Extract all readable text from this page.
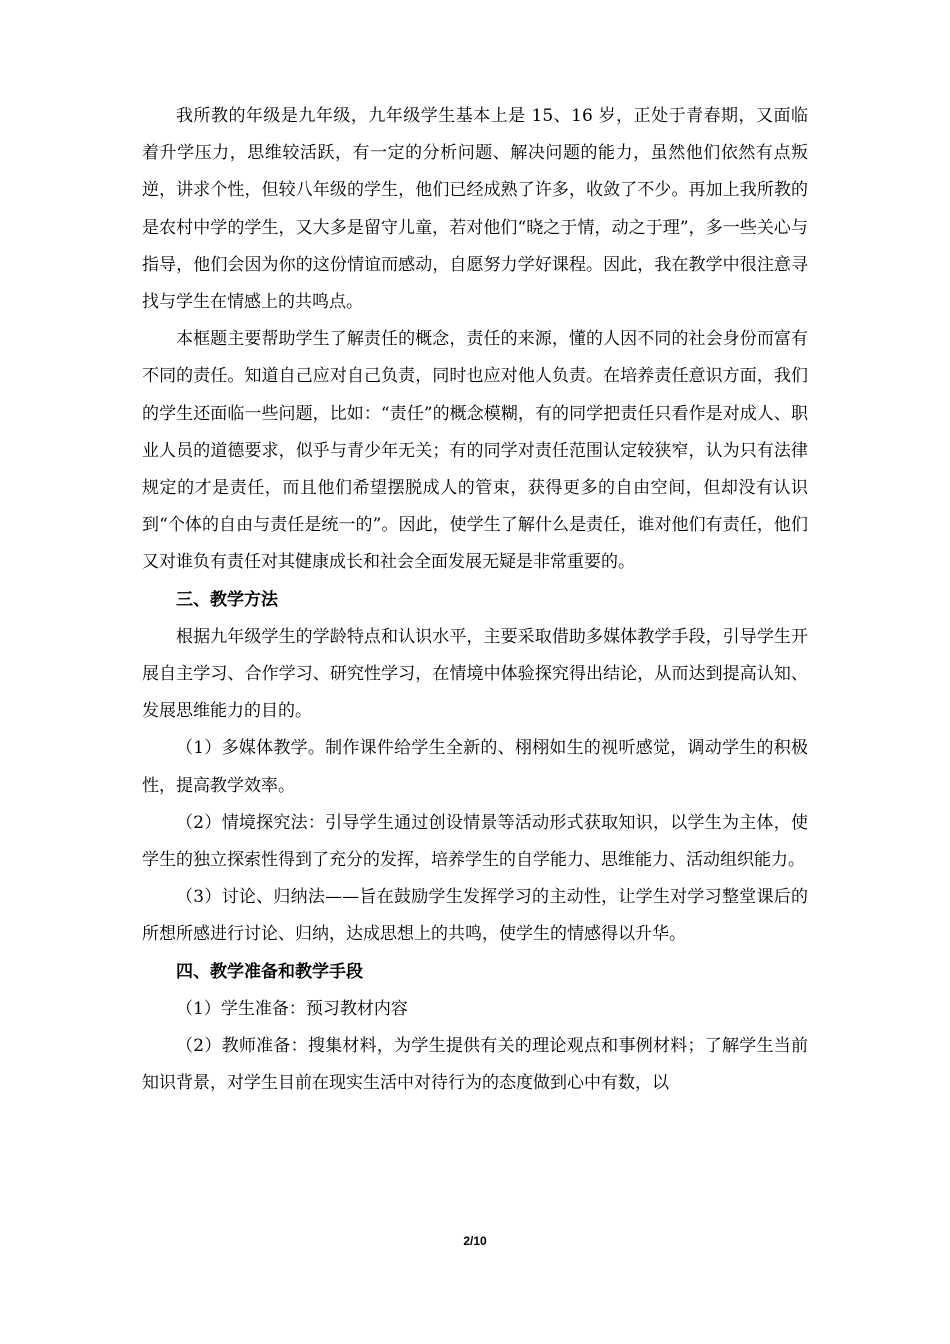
我所教的年级是九年级，九年级学生基本上是 15、16 岁，正处于青春期，又面临着升学压力，思维较活跃，有一定的分析问题、解决问题的能力，虽然他们依然有点叛逆，讲求个性，但较八年级的学生，他们已经成熟了许多，收敛了不少。再加上我所教的是农村中学的学生，又大多是留守儿童，若对他们“晓之于情，动之于理”，多一些关心与指导，他们会因为你的这份情谊而感动，自愿努力学好课程。因此，我在教学中很注意寻找与学生在情感上的共鸣点。

本框题主要帮助学生了解责任的概念，责任的来源，懂的人因不同的社会身份而富有不同的责任。知道自己应对自己负责，同时也应对他人负责。在培养责任意识方面，我们的学生还面临一些问题，比如：“责任”的概念模糊，有的同学把责任只看作是对成人、职业人员的道德要求，似乎与青少年无关；有的同学对责任范围认定较狭窄，认为只有法律规定的才是责任，而且他们希望摆脱成人的管束，获得更多的自由空间，但却没有认识到“个体的自由与责任是统一的”。因此，使学生了解什么是责任，谁对他们有责任，他们又对谁负有责任对其健康成长和社会全面发展无疑是非常重要的。

三、教学方法

根据九年级学生的学龄特点和认识水平，主要采取借助多媒体教学手段，引导学生开展自主学习、合作学习、研究性学习，在情境中体验探究得出结论，从而达到提高认知、发展思维能力的目的。

（1）多媒体教学。制作课件给学生全新的、栩栩如生的视听感觉，调动学生的积极性，提高教学效率。

（2）情境探究法：引导学生通过创设情景等活动形式获取知识，以学生为主体，使学生的独立探索性得到了充分的发挥，培养学生的自学能力、思维能力、活动组织能力。

（3）讨论、归纳法——旨在鼓励学生发挥学习的主动性，让学生对学习整堂课后的所想所感进行讨论、归纳，达成思想上的共鸣，使学生的情感得以升华。

四、教学准备和教学手段

（1）学生准备：预习教材内容

（2）教师准备：搜集材料，为学生提供有关的理论观点和事例材料；了解学生当前知识背景，对学生目前在现实生活中对待行为的态度做到心中有数，以

2/10
